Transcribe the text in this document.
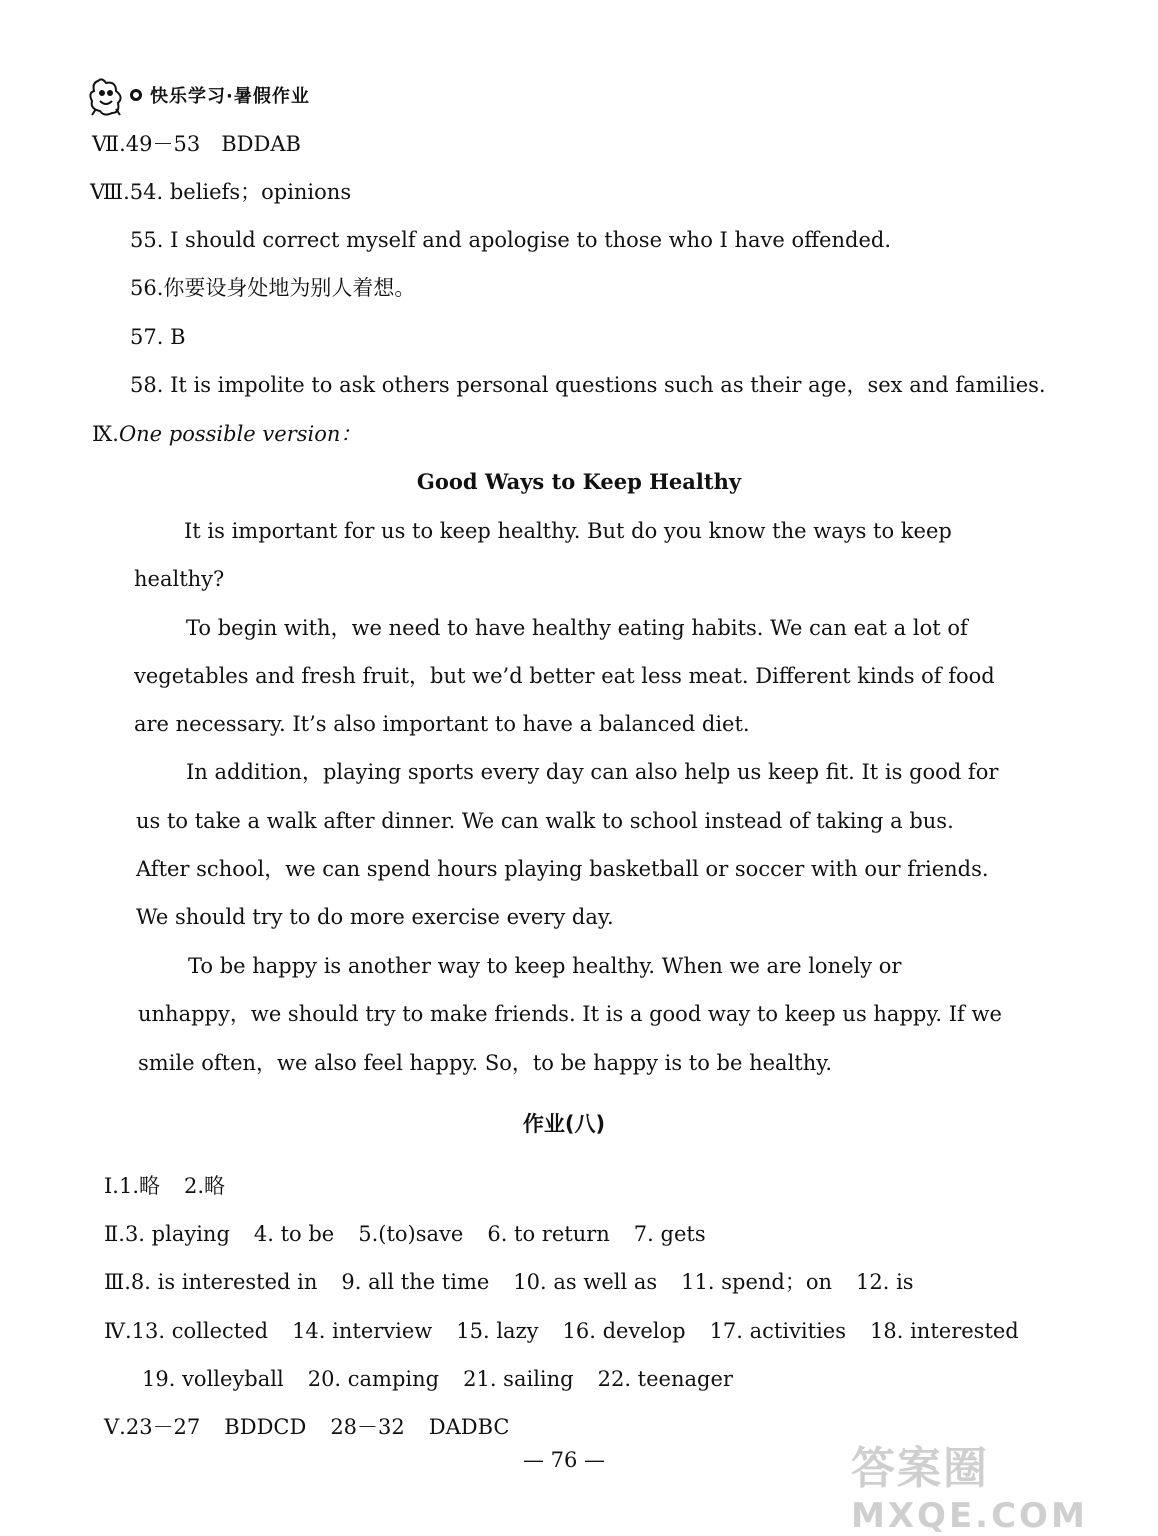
快乐学习·暑假作业
Ⅶ.49－53　BDDAB
Ⅷ.54. beliefs；opinions
55. I should correct myself and apologise to those who I have offended.
56.你要设身处地为别人着想。
57. B
58. It is impolite to ask others personal questions such as their age，sex and families.
Ⅸ.One possible version：
Good Ways to Keep Healthy
It is important for us to keep healthy. But do you know the ways to keep
healthy?
To begin with，we need to have healthy eating habits. We can eat a lot of
vegetables and fresh fruit，but we’d better eat less meat. Different kinds of food
are necessary. It’s also important to have a balanced diet.
In addition，playing sports every day can also help us keep fit. It is good for
us to take a walk after dinner. We can walk to school instead of taking a bus.
After school，we can spend hours playing basketball or soccer with our friends.
We should try to do more exercise every day.
To be happy is another way to keep healthy. When we are lonely or
unhappy，we should try to make friends. It is a good way to keep us happy. If we
smile often，we also feel happy. So，to be happy is to be healthy.
作业(八)
Ⅰ.1.略 2.略
Ⅱ.3. playing 4. to be 5.(to)save 6. to return 7. gets
Ⅲ.8. is interested in 9. all the time 10. as well as 11. spend；on 12. is
Ⅳ.13. collected 14. interview 15. lazy 16. develop 17. activities 18. interested
19. volleyball 20. camping 21. sailing 22. teenager
Ⅴ.23－27 BDDCD 28－32 DADBC
— 76 —	答案圈
MXQE.COM
